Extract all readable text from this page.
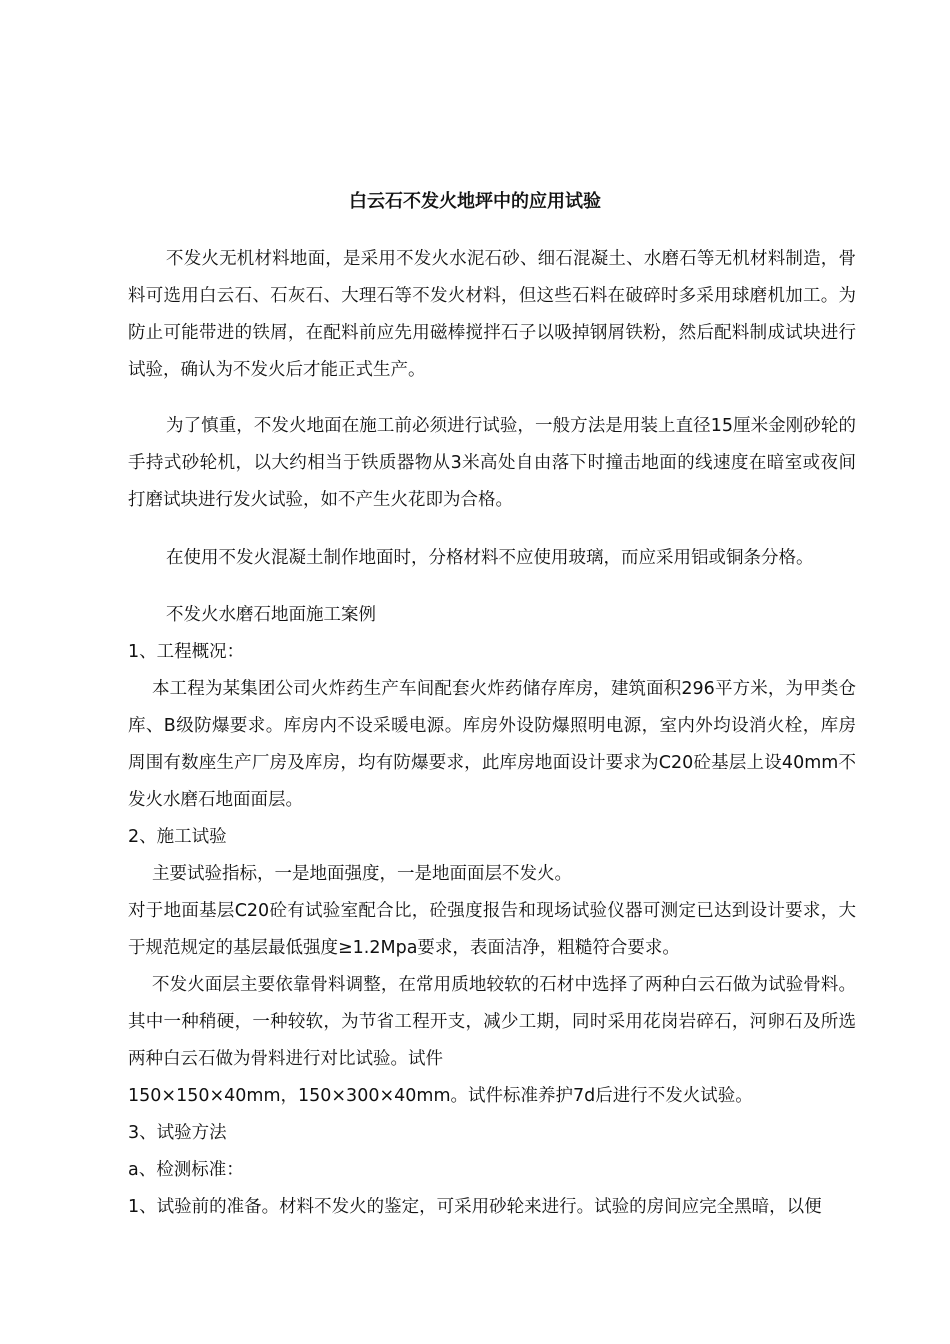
白云石不发火地坪中的应用试验

不发火无机材料地面，是采用不发火水泥石砂、细石混凝土、水磨石等无机材料制造，骨料可选用白云石、石灰石、大理石等不发火材料，但这些石料在破碎时多采用球磨机加工。为防止可能带进的铁屑，在配料前应先用磁棒搅拌石子以吸掉钢屑铁粉，然后配料制成试块进行试验，确认为不发火后才能正式生产。

为了慎重，不发火地面在施工前必须进行试验，一般方法是用装上直径15厘米金刚砂轮的手持式砂轮机，以大约相当于铁质器物从3米高处自由落下时撞击地面的线速度在暗室或夜间打磨试块进行发火试验，如不产生火花即为合格。

在使用不发火混凝土制作地面时，分格材料不应使用玻璃，而应采用铝或铜条分格。

不发火水磨石地面施工案例

1、工程概况：

本工程为某集团公司火炸药生产车间配套火炸药储存库房，建筑面积296平方米，为甲类仓库、B级防爆要求。库房内不设采暖电源。库房外设防爆照明电源，室内外均设消火栓，库房周围有数座生产厂房及库房，均有防爆要求，此库房地面设计要求为C20砼基层上设40mm不发火水磨石地面面层。

2、施工试验

主要试验指标，一是地面强度，一是地面面层不发火。

对于地面基层C20砼有试验室配合比，砼强度报告和现场试验仪器可测定已达到设计要求，大于规范规定的基层最低强度≥1.2Mpa要求，表面洁净，粗糙符合要求。

不发火面层主要依靠骨料调整，在常用质地较软的石材中选择了两种白云石做为试验骨料。其中一种稍硬，一种较软，为节省工程开支，减少工期，同时采用花岗岩碎石，河卵石及所选两种白云石做为骨料进行对比试验。试件

150×150×40mm，150×300×40mm。试件标准养护7d后进行不发火试验。

3、试验方法

a、检测标准：

1、试验前的准备。材料不发火的鉴定，可采用砂轮来进行。试验的房间应完全黑暗，以便
